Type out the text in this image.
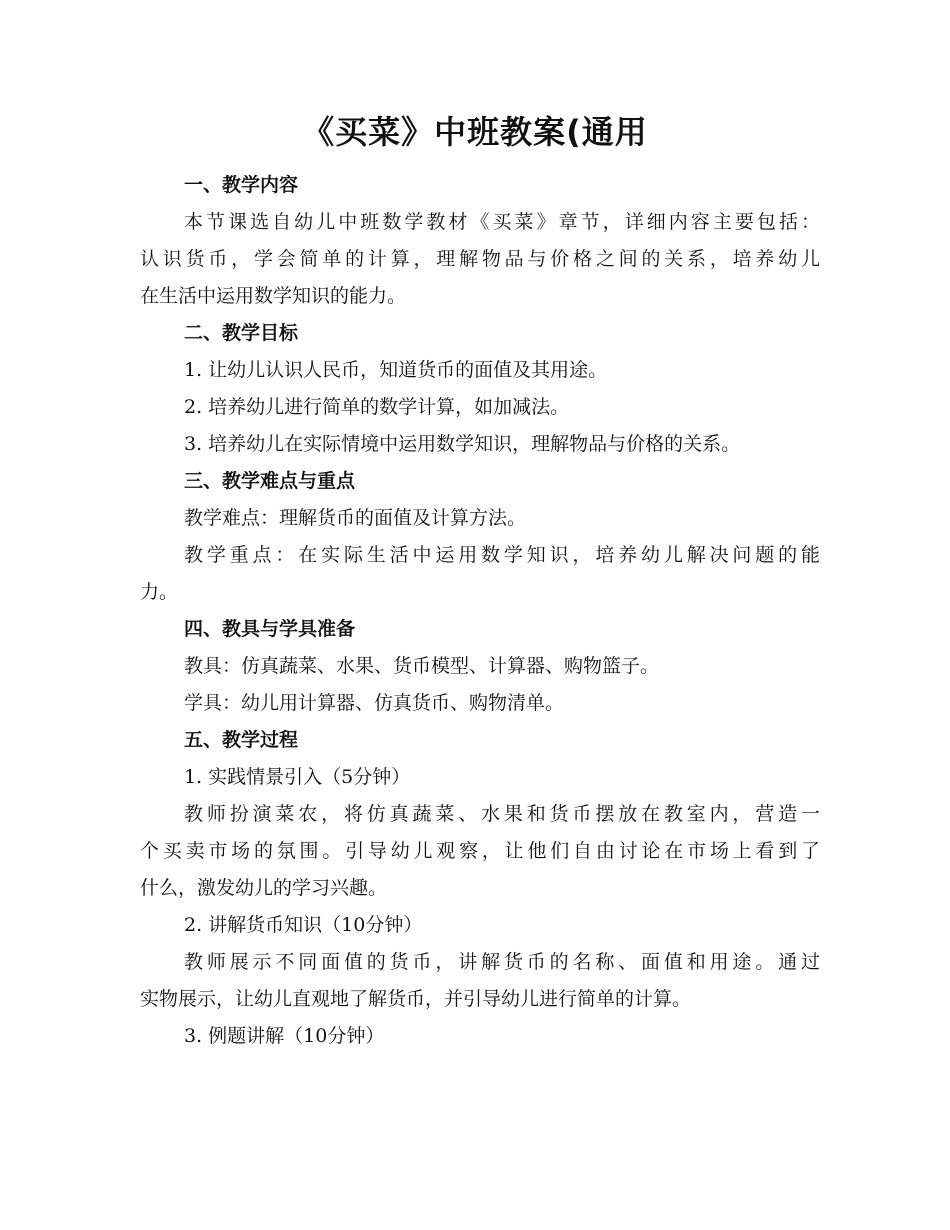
《买菜》中班教案(通用
一、教学内容
本节课选自幼儿中班数学教材《买菜》章节，详细内容主要包括：
认识货币，学会简单的计算，理解物品与价格之间的关系，培养幼儿
在生活中运用数学知识的能力。
二、教学目标
1. 让幼儿认识人民币，知道货币的面值及其用途。
2. 培养幼儿进行简单的数学计算，如加减法。
3. 培养幼儿在实际情境中运用数学知识，理解物品与价格的关系。
三、教学难点与重点
教学难点：理解货币的面值及计算方法。
教学重点：在实际生活中运用数学知识，培养幼儿解决问题的能
力。
四、教具与学具准备
教具：仿真蔬菜、水果、货币模型、计算器、购物篮子。
学具：幼儿用计算器、仿真货币、购物清单。
五、教学过程
1. 实践情景引入（5分钟）
教师扮演菜农，将仿真蔬菜、水果和货币摆放在教室内，营造一
个买卖市场的氛围。引导幼儿观察，让他们自由讨论在市场上看到了
什么，激发幼儿的学习兴趣。
2. 讲解货币知识（10分钟）
教师展示不同面值的货币，讲解货币的名称、面值和用途。通过
实物展示，让幼儿直观地了解货币，并引导幼儿进行简单的计算。
3. 例题讲解（10分钟）
